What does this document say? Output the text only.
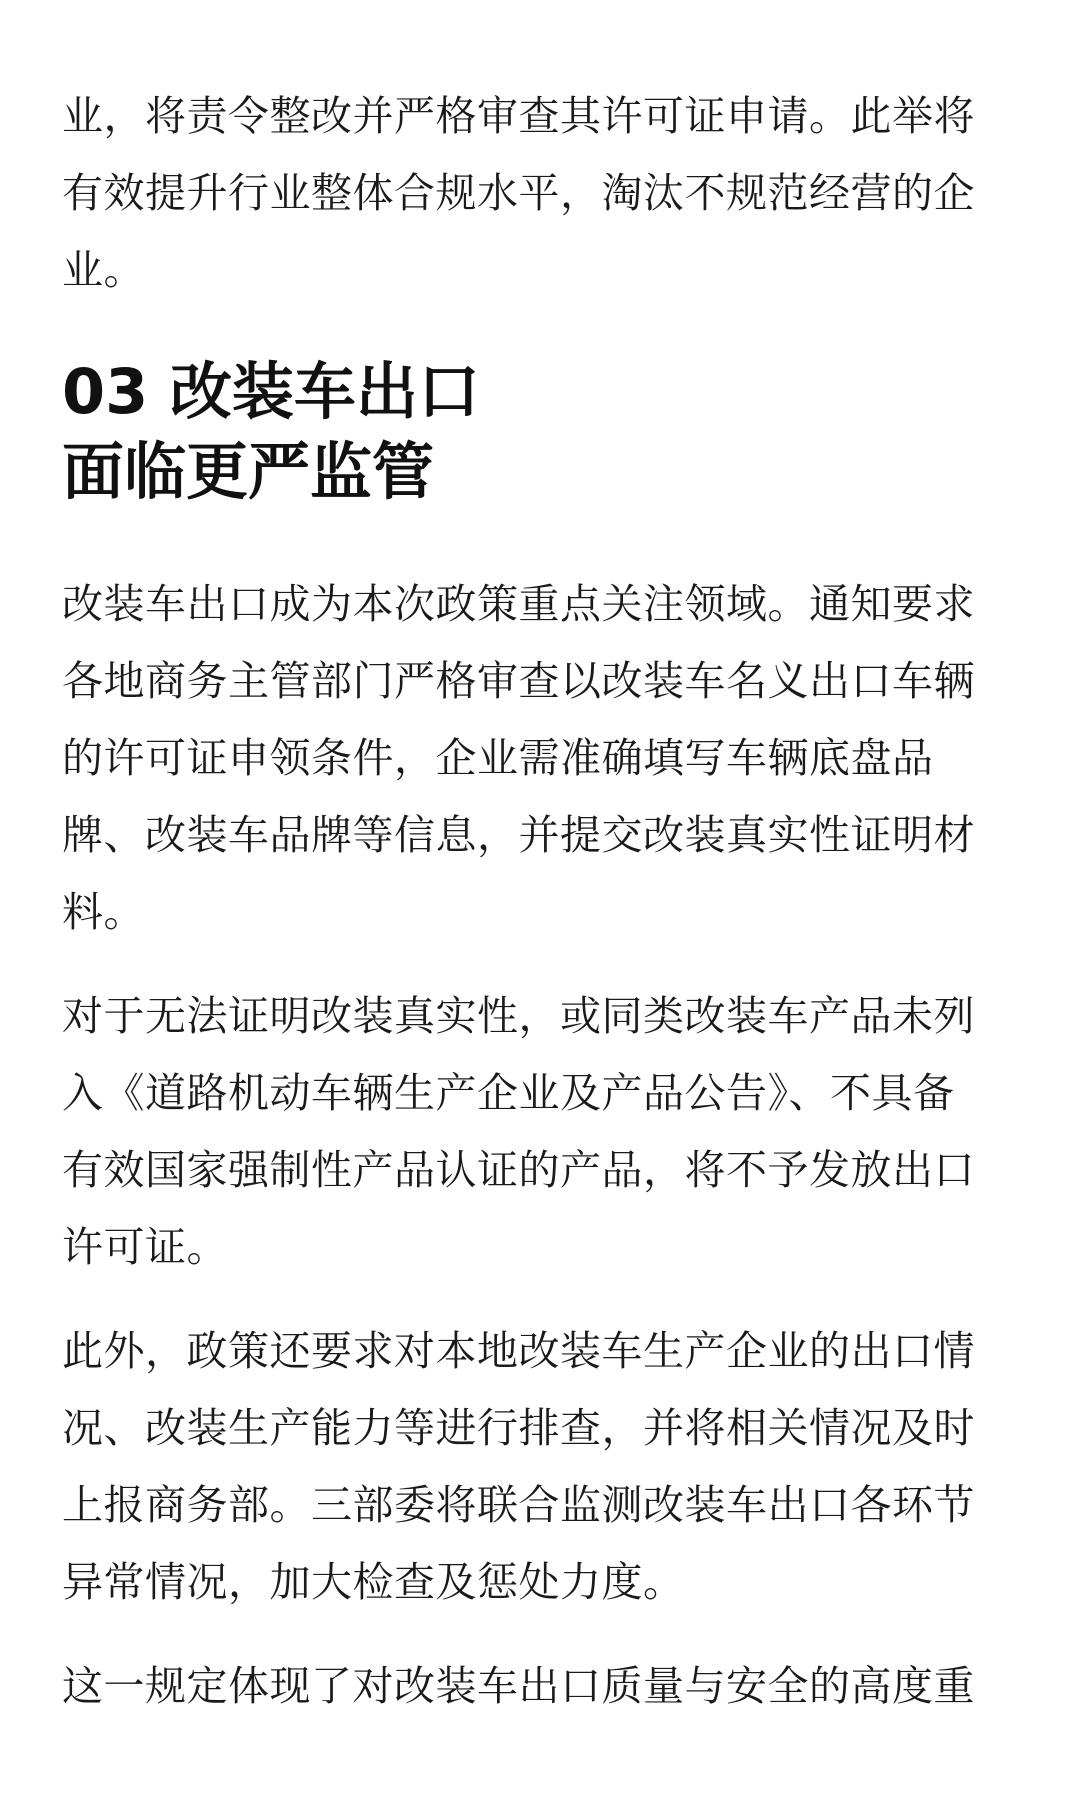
业，将责令整改并严格审查其许可证申请。此举将
有效提升行业整体合规水平，淘汰不规范经营的企
业。

03 改装车出口
面临更严监管

改装车出口成为本次政策重点关注领域。通知要求
各地商务主管部门严格审查以改装车名义出口车辆
的许可证申领条件，企业需准确填写车辆底盘品
牌、改装车品牌等信息，并提交改装真实性证明材
料。

对于无法证明改装真实性，或同类改装车产品未列
入《道路机动车辆生产企业及产品公告》、不具备
有效国家强制性产品认证的产品，将不予发放出口
许可证。

此外，政策还要求对本地改装车生产企业的出口情
况、改装生产能力等进行排查，并将相关情况及时
上报商务部。三部委将联合监测改装车出口各环节
异常情况，加大检查及惩处力度。

这一规定体现了对改装车出口质量与安全的高度重
